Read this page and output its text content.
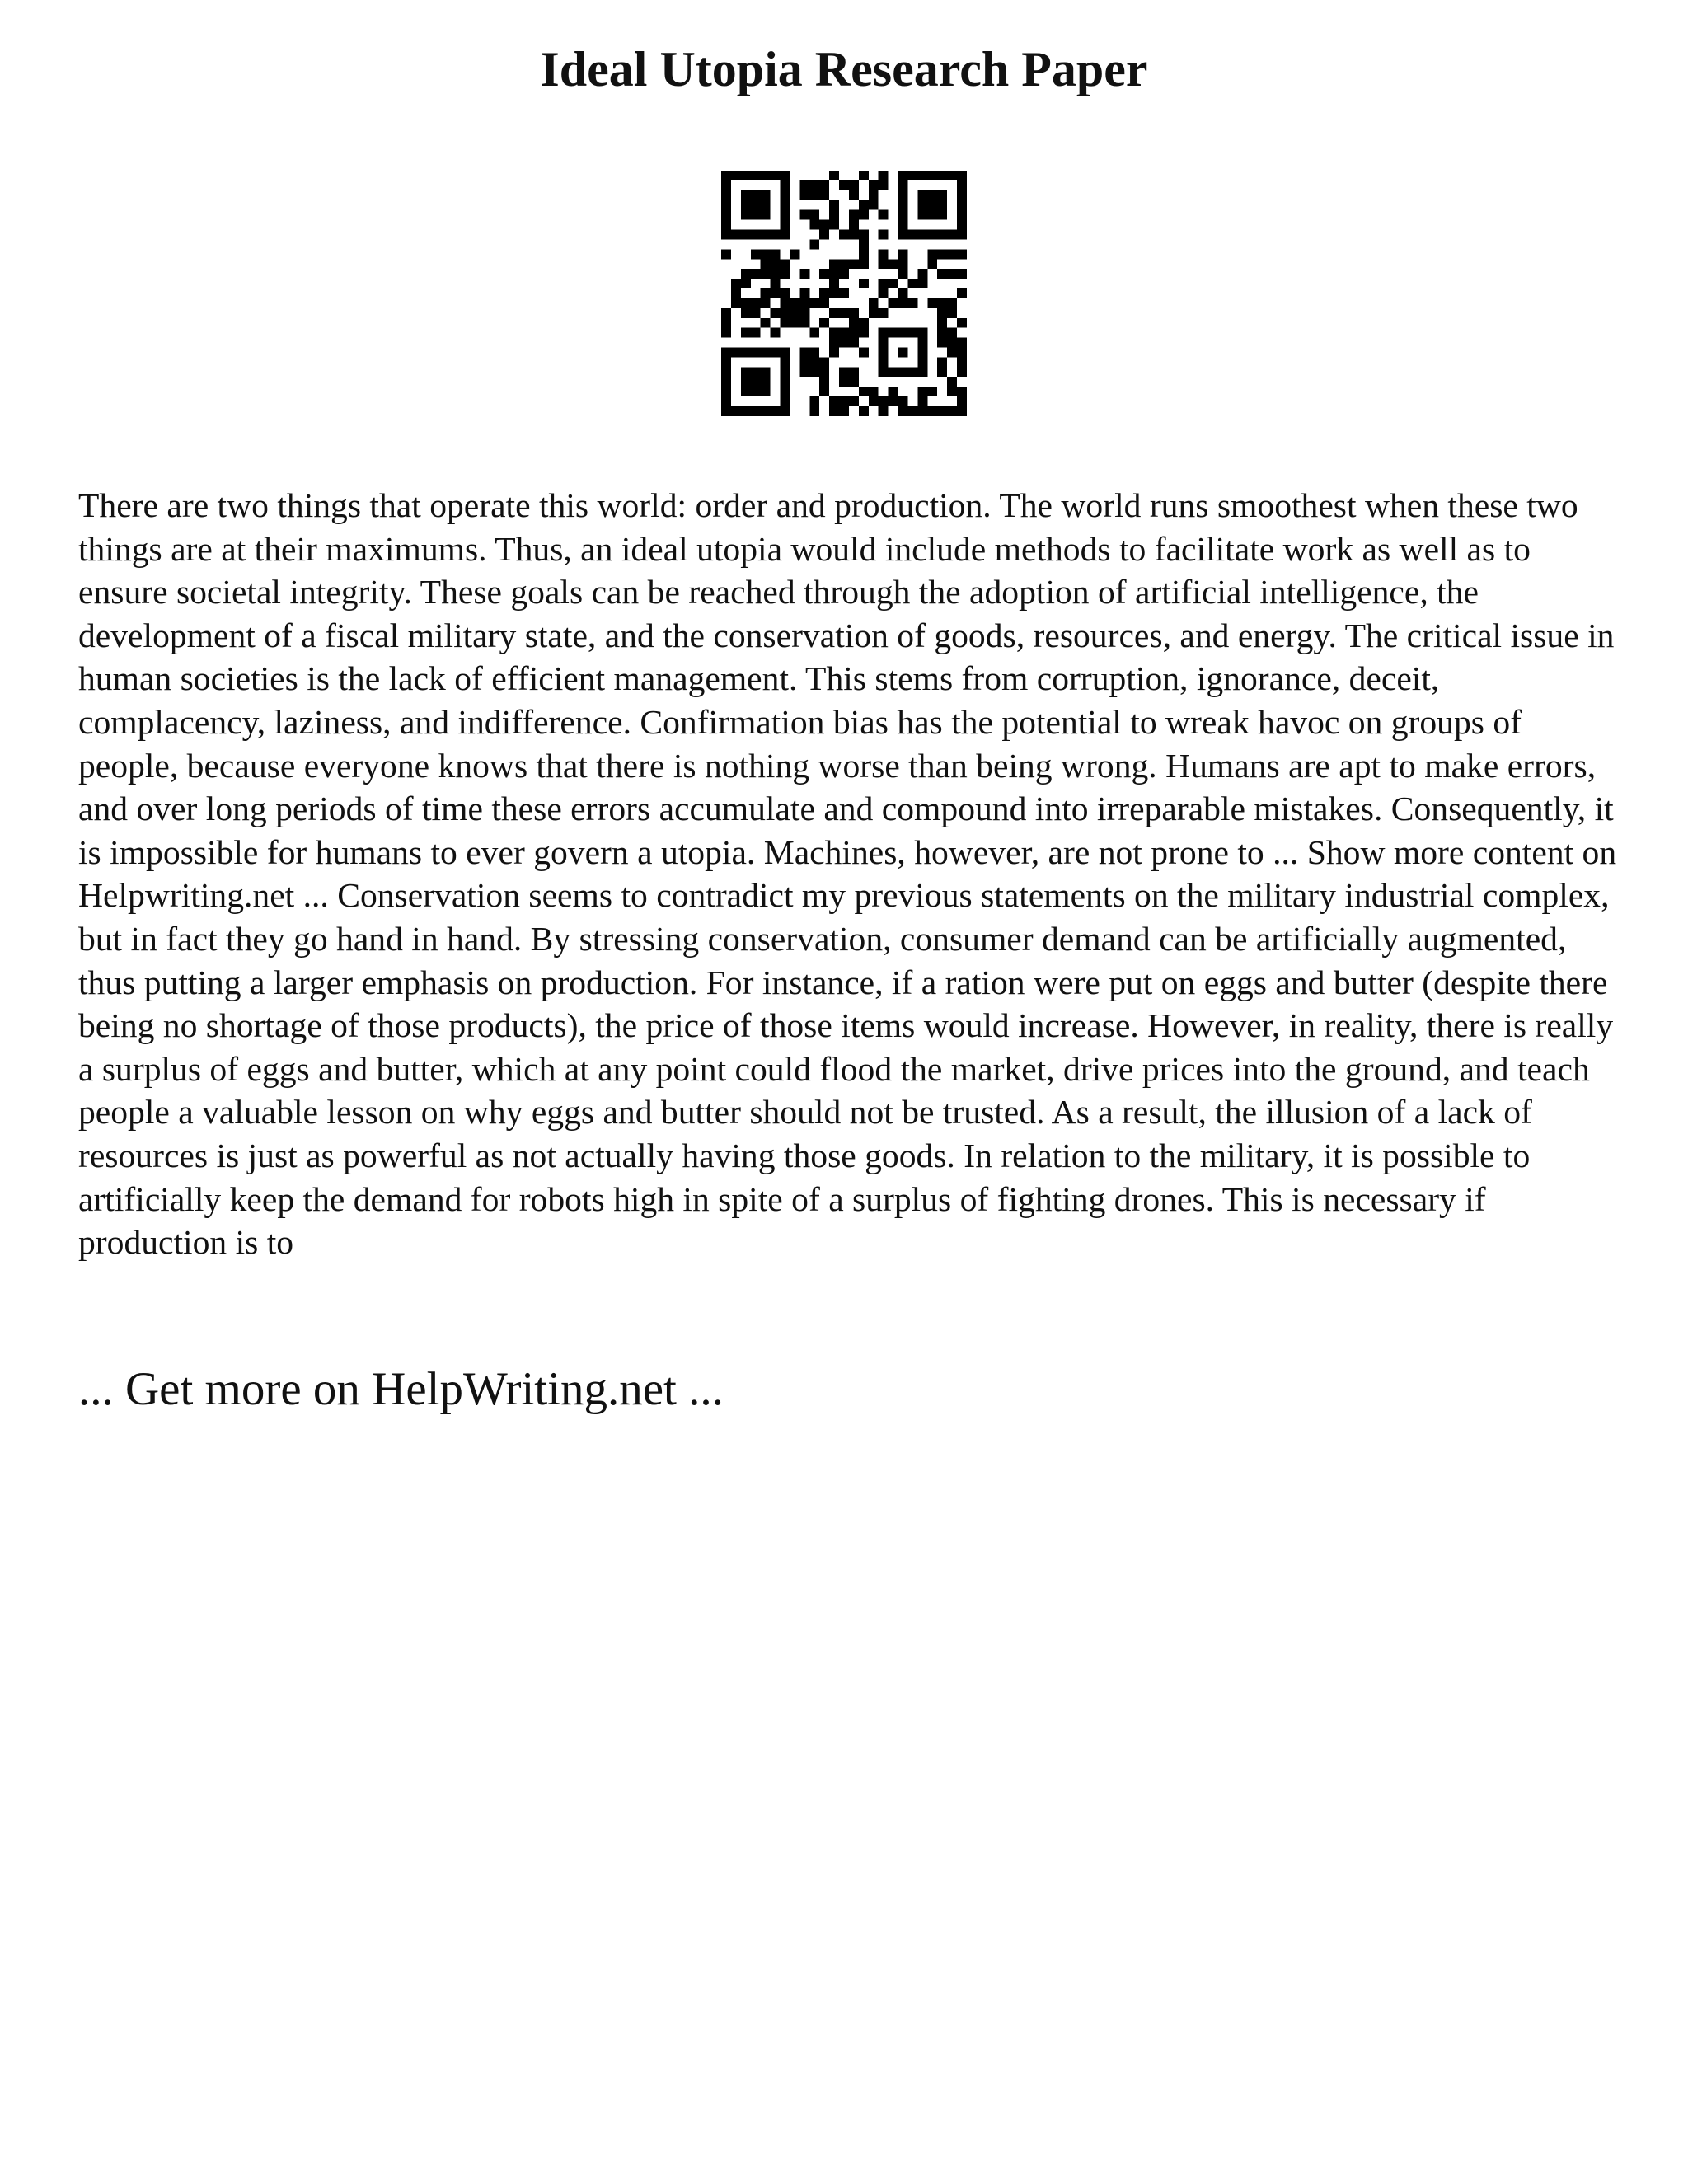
Ideal Utopia Research Paper

There are two things that operate this world: order and production. The world runs smoothest when these two things are at their maximums. Thus, an ideal utopia would include methods to facilitate work as well as to ensure societal integrity. These goals can be reached through the adoption of artificial intelligence, the development of a fiscal military state, and the conservation of goods, resources, and energy. The critical issue in human societies is the lack of efficient management. This stems from corruption, ignorance, deceit, complacency, laziness, and indifference. Confirmation bias has the potential to wreak havoc on groups of people, because everyone knows that there is nothing worse than being wrong. Humans are apt to make errors, and over long periods of time these errors accumulate and compound into irreparable mistakes. Consequently, it is impossible for humans to ever govern a utopia. Machines, however, are not prone to ... Show more content on Helpwriting.net ... Conservation seems to contradict my previous statements on the military industrial complex, but in fact they go hand in hand. By stressing conservation, consumer demand can be artificially augmented, thus putting a larger emphasis on production. For instance, if a ration were put on eggs and butter (despite there being no shortage of those products), the price of those items would increase. However, in reality, there is really a surplus of eggs and butter, which at any point could flood the market, drive prices into the ground, and teach people a valuable lesson on why eggs and butter should not be trusted. As a result, the illusion of a lack of resources is just as powerful as not actually having those goods. In relation to the military, it is possible to artificially keep the demand for robots high in spite of a surplus of fighting drones. This is necessary if production is to

... Get more on HelpWriting.net ...
